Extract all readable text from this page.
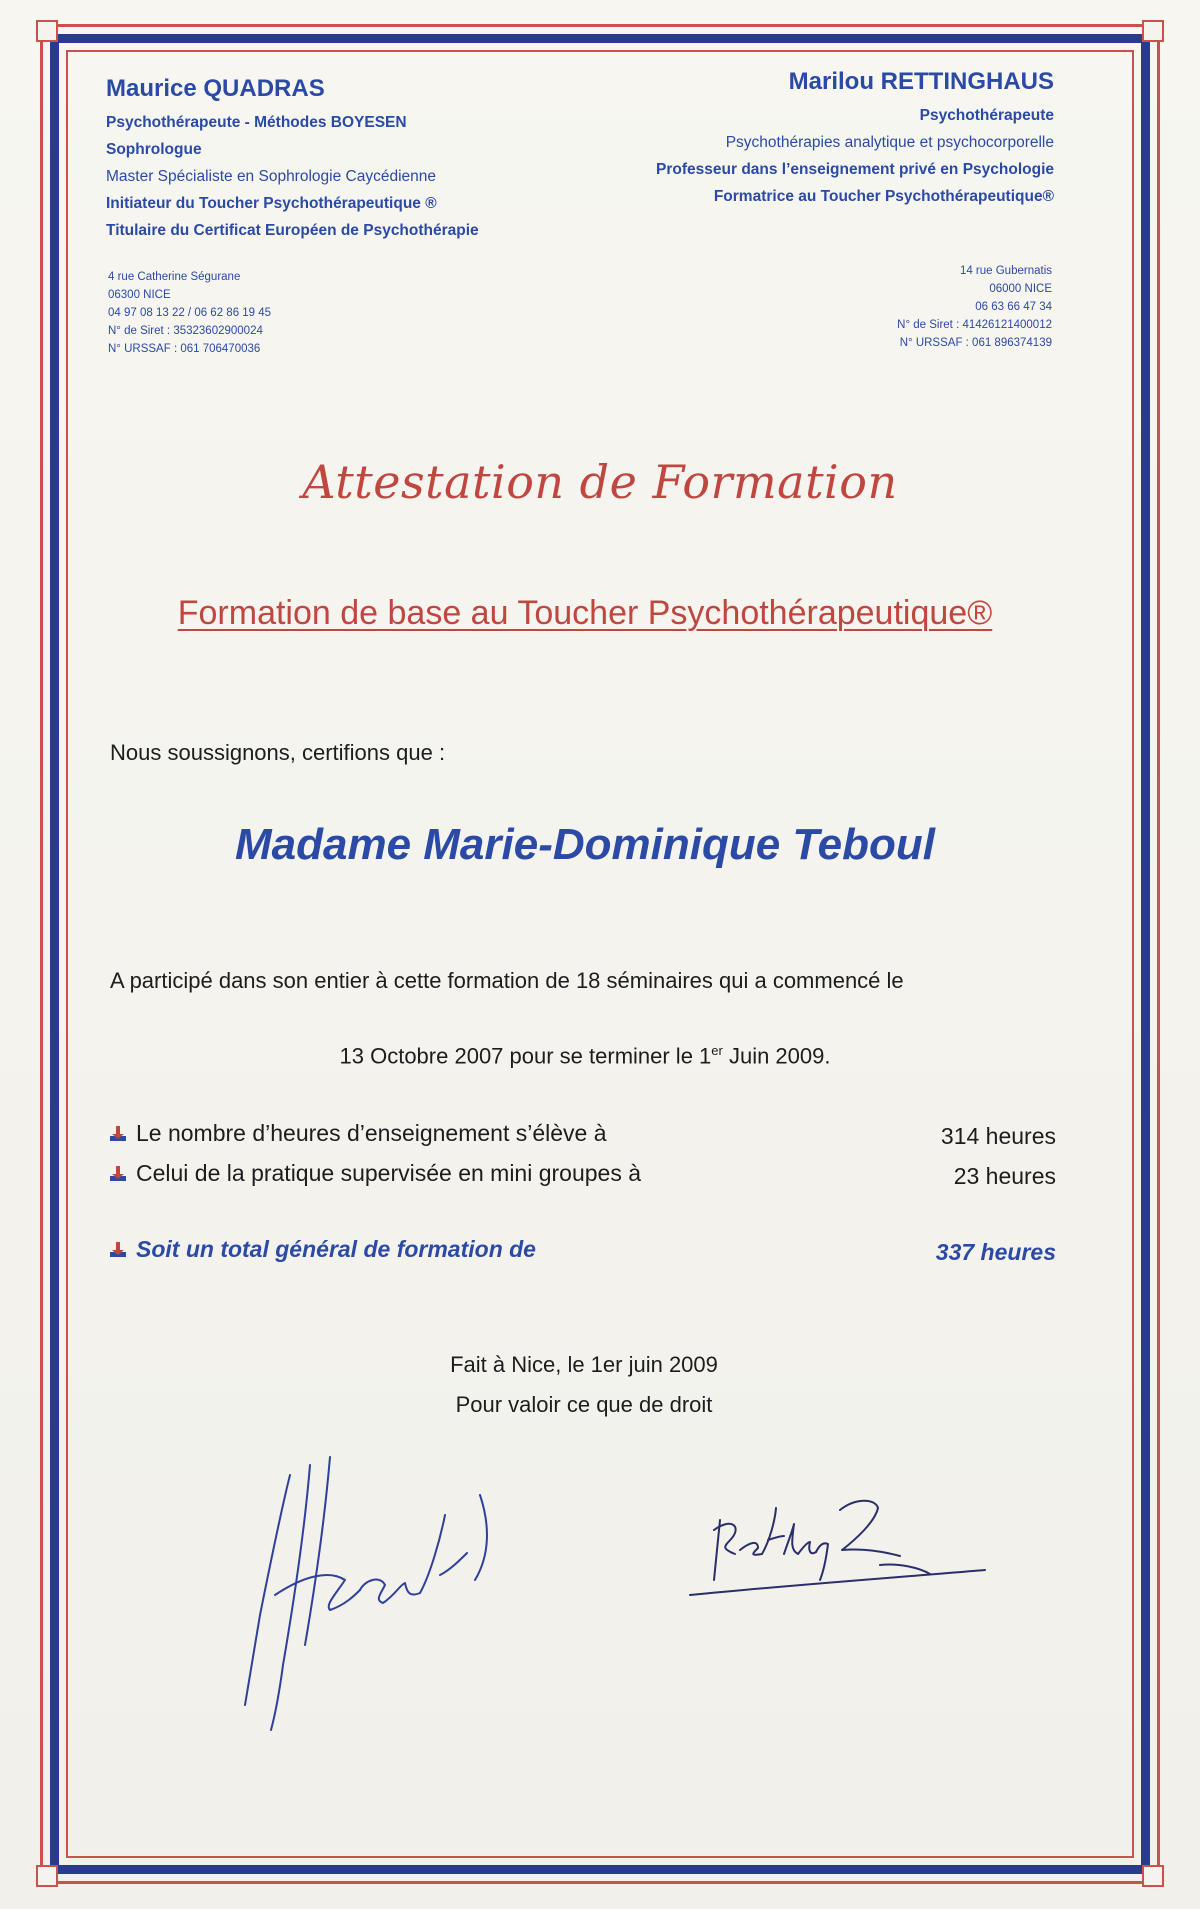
Maurice QUADRAS
Psychothérapeute - Méthodes BOYESEN
Sophrologue
Master Spécialiste en Sophrologie Caycédienne
Initiateur du Toucher Psychothérapeutique ®
Titulaire du Certificat Européen de Psychothérapie
4 rue Catherine Ségurane
06300 NICE
04 97 08 13 22 / 06 62 86 19 45
N° de Siret : 35323602900024
N° URSSAF : 061 706470036
Marilou RETTINGHAUS
Psychothérapeute
Psychothérapies analytique et psychocorporelle
Professeur dans l’enseignement privé en Psychologie
Formatrice au Toucher Psychothérapeutique®
14 rue Gubernatis
06000 NICE
06 63 66 47 34
N° de Siret : 41426121400012
N° URSSAF : 061 896374139
Attestation de Formation
Formation de base au Toucher Psychothérapeutique®
Nous soussignons, certifions que :
Madame Marie-Dominique Teboul
A participé dans son entier à cette formation de 18 séminaires qui a commencé le
13 Octobre 2007 pour se terminer le 1er Juin 2009.
Le nombre d’heures d’enseignement s’élève à	314 heures
Celui de la pratique supervisée en mini groupes à	23 heures
Soit un total général de formation de	337 heures
Fait à Nice, le 1er juin 2009
Pour valoir ce que de droit
